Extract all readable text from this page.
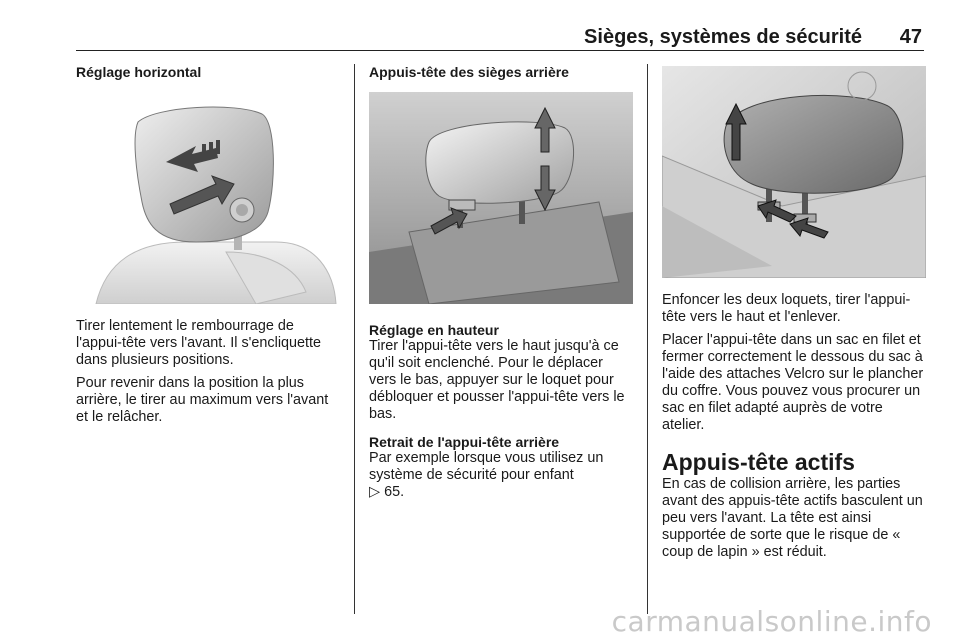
Sièges, systèmes de sécurité 47
Réglage horizontal

Tirer lentement le rembourrage de l'appui-tête vers l'avant. Il s'encliquette dans plusieurs positions.

Pour revenir dans la position la plus arrière, le tirer au maximum vers l'avant et le relâcher.

Appuis-tête des sièges arrière
Réglage en hauteur

Tirer l'appui-tête vers le haut jusqu'à ce qu'il soit enclenché. Pour le déplacer vers le bas, appuyer sur le loquet pour débloquer et pousser l'appui-tête vers le bas.

Retrait de l'appui-tête arrière

Par exemple lorsque vous utilisez un système de sécurité pour enfant

▷ 65.

Enfoncer les deux loquets, tirer l'appui-tête vers le haut et l'enlever.

Placer l'appui-tête dans un sac en filet et fermer correctement le dessous du sac à l'aide des attaches Velcro sur le plancher du coffre. Vous pouvez vous procurer un sac en filet adapté auprès de votre atelier.

Appuis-tête actifs

En cas de collision arrière, les parties avant des appuis-tête actifs basculent un peu vers l'avant. La tête est ainsi supportée de sorte que le risque de « coup de lapin » est réduit.

carmanualsonline.info
